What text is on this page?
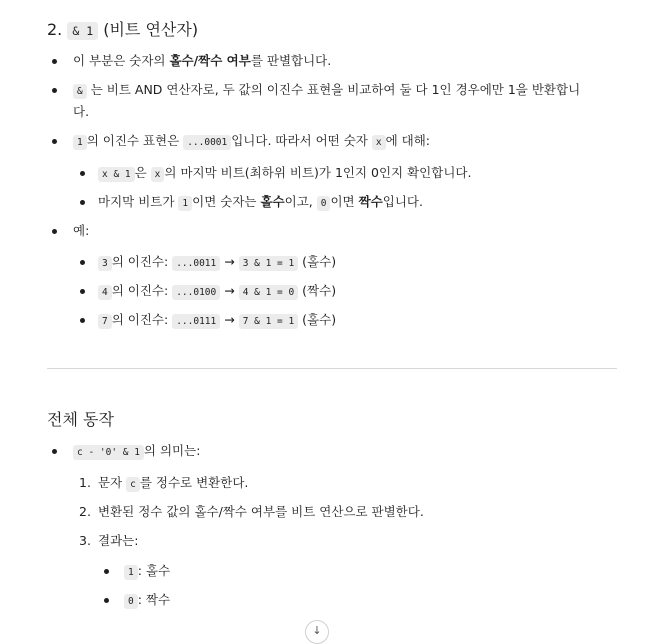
2. & 1 (비트 연산자)
이 부분은 숫자의 홀수/짝수 여부를 판별합니다.
& 는 비트 AND 연산자로, 두 값의 이진수 표현을 비교하여 둘 다 1인 경우에만 1을 반환합니
다.
1 의 이진수 표현은 ...0001 입니다. 따라서 어떤 숫자 x 에 대해:
x & 1 은 x 의 마지막 비트(최하위 비트)가 1인지 0인지 확인합니다.
마지막 비트가 1 이면 숫자는 홀수이고, 0 이면 짝수입니다.
예:
3 의 이진수: ...0011 → 3 & 1 = 1 (홀수)
4 의 이진수: ...0100 → 4 & 1 = 0 (짝수)
7 의 이진수: ...0111 → 7 & 1 = 1 (홀수)
전체 동작
c - '0' & 1 의 의미는:
1. 문자 c 를 정수로 변환한다.
2. 변환된 정수 값의 홀수/짝수 여부를 비트 연산으로 판별한다.
3. 결과는:
1 : 홀수
0 : 짝수
↓
